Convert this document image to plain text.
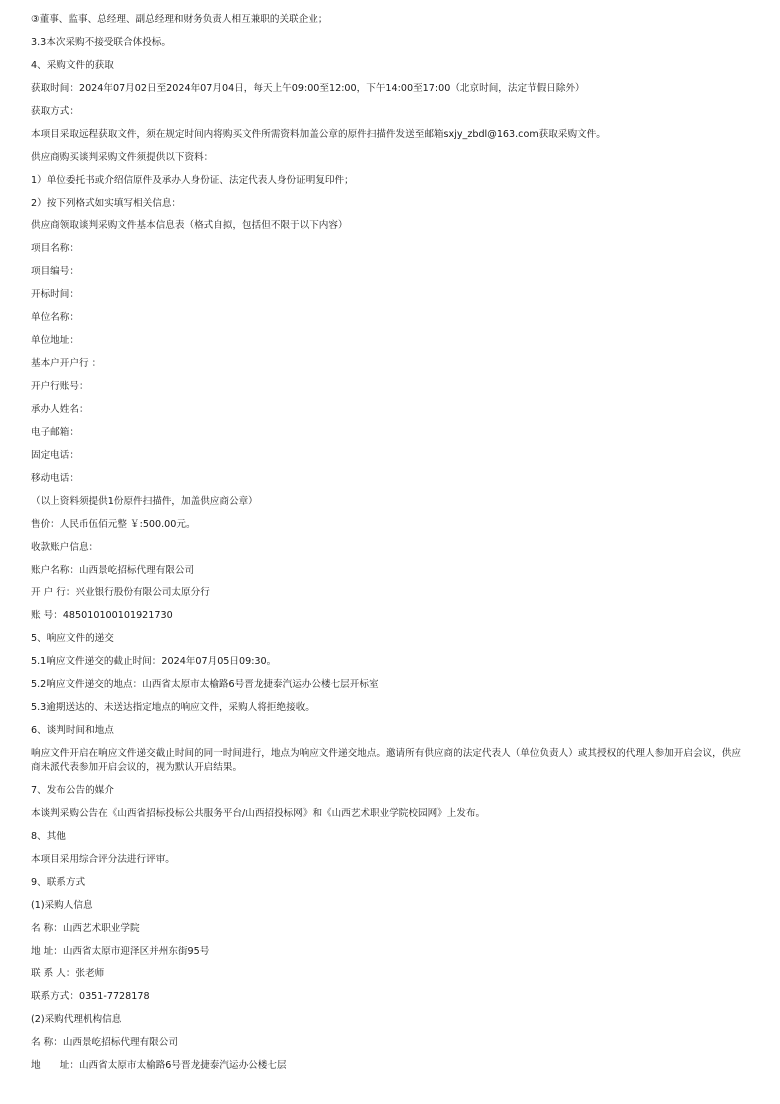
③董事、监事、总经理、副总经理和财务负责人相互兼职的关联企业；
3.3本次采购不接受联合体投标。
4、采购文件的获取
获取时间：2024年07月02日至2024年07月04日，每天上午09:00至12:00，下午14:00至17:00（北京时间，法定节假日除外）
获取方式：
本项目采取远程获取文件，须在规定时间内将购买文件所需资料加盖公章的原件扫描件发送至邮箱sxjy_zbdl@163.com获取采购文件。
供应商购买谈判采购文件须提供以下资料：
1）单位委托书或介绍信原件及承办人身份证、法定代表人身份证明复印件；
2）按下列格式如实填写相关信息：
供应商领取谈判采购文件基本信息表（格式自拟，包括但不限于以下内容）
项目名称：
项目编号：
开标时间：
单位名称：
单位地址：
基本户开户行 ：
开户行账号：
承办人姓名：
电子邮箱：
固定电话：
移动电话：
（以上资料须提供1份原件扫描件，加盖供应商公章）
售价：人民币伍佰元整 ￥:500.00元。
收款账户信息：
账户名称：山西景屹招标代理有限公司
开 户 行：兴业银行股份有限公司太原分行
账 号：485010100101921730
5、响应文件的递交
5.1响应文件递交的截止时间：2024年07月05日09:30。
5.2响应文件递交的地点：山西省太原市太榆路6号晋龙捷泰汽运办公楼七层开标室
5.3逾期送达的、未送达指定地点的响应文件，采购人将拒绝接收。
6、谈判时间和地点
响应文件开启在响应文件递交截止时间的同一时间进行，地点为响应文件递交地点。邀请所有供应商的法定代表人（单位负责人）或其授权的代理人参加开启会议，供应商未派代表参加开启会议的，视为默认开启结果。
7、发布公告的媒介
本谈判采购公告在《山西省招标投标公共服务平台/山西招投标网》和《山西艺术职业学院校园网》上发布。
8、其他
本项目采用综合评分法进行评审。
9、联系方式
(1)采购人信息
名 称：山西艺术职业学院
地 址：山西省太原市迎泽区并州东街95号
联 系 人：张老师
联系方式：0351-7728178
(2)采购代理机构信息
名 称：山西景屹招标代理有限公司
地　　址：山西省太原市太榆路6号晋龙捷泰汽运办公楼七层
